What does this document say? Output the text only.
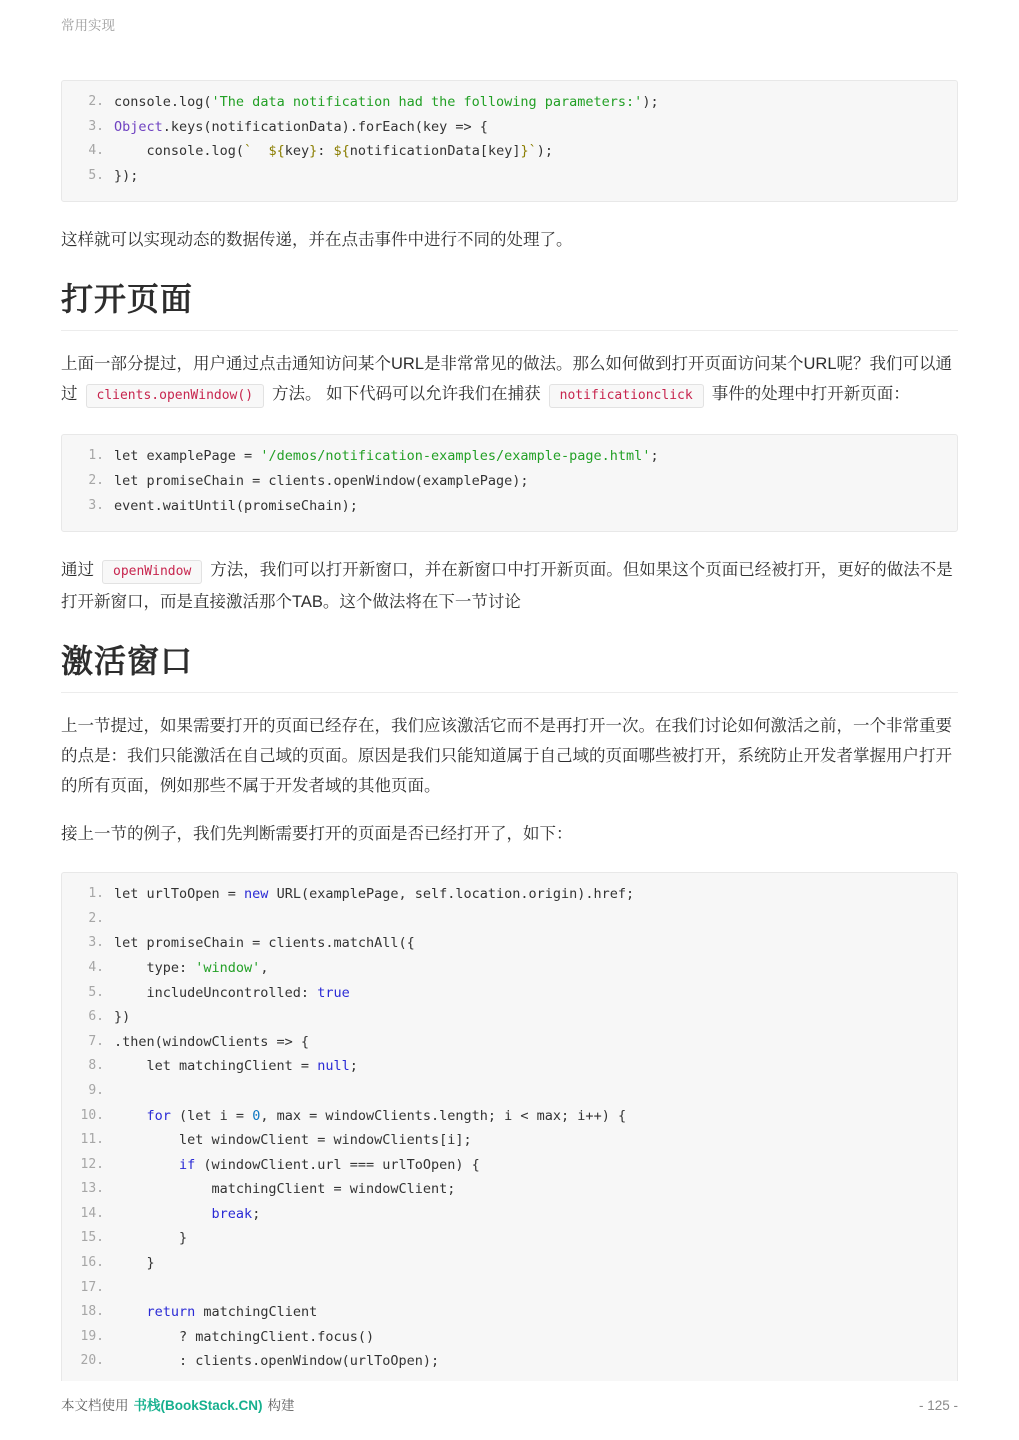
常用实现
2. console.log('The data notification had the following parameters:');
3. Object.keys(notificationData).forEach(key => {
4. console.log(` ${key}: ${notificationData[key]}`);
5. });

这样就可以实现动态的数据传递，并在点击事件中进行不同的处理了。

打开页面

上面一部分提过，用户通过点击通知访问某个URL是非常常见的做法。那么如何做到打开页面访问某个URL呢？我们可以通过 clients.openWindow() 方法。 如下代码可以允许我们在捕获 notificationclick 事件的处理中打开新页面：

1. let examplePage = '/demos/notification-examples/example-page.html';
2. let promiseChain = clients.openWindow(examplePage);
3. event.waitUntil(promiseChain);

通过 openWindow 方法，我们可以打开新窗口，并在新窗口中打开新页面。但如果这个页面已经被打开，更好的做法不是打开新窗口，而是直接激活那个TAB。这个做法将在下一节讨论

激活窗口

上一节提过，如果需要打开的页面已经存在，我们应该激活它而不是再打开一次。在我们讨论如何激活之前，一个非常重要的点是：我们只能激活在自己域的页面。原因是我们只能知道属于自己域的页面哪些被打开，系统防止开发者掌握用户打开的所有页面，例如那些不属于开发者域的其他页面。

接上一节的例子，我们先判断需要打开的页面是否已经打开了，如下：

1. let urlToOpen = new URL(examplePage, self.location.origin).href;
2.
3. let promiseChain = clients.matchAll({
4. type: 'window',
5. includeUncontrolled: true
6. })
7. .then(windowClients => {
8. let matchingClient = null;
9.
10.	for (let i = 0, max = windowClients.length; i < max; i++) {
11. let windowClient = windowClients[i];
12.	if (windowClient.url === urlToOpen) {
13. matchingClient = windowClient;
14.	break;
15. }
16. }
17.
18.	return matchingClient
19. ? matchingClient.focus()
20. : clients.openWindow(urlToOpen);
本文档使用 书栈(BookStack.CN) 构建	- 125 -
